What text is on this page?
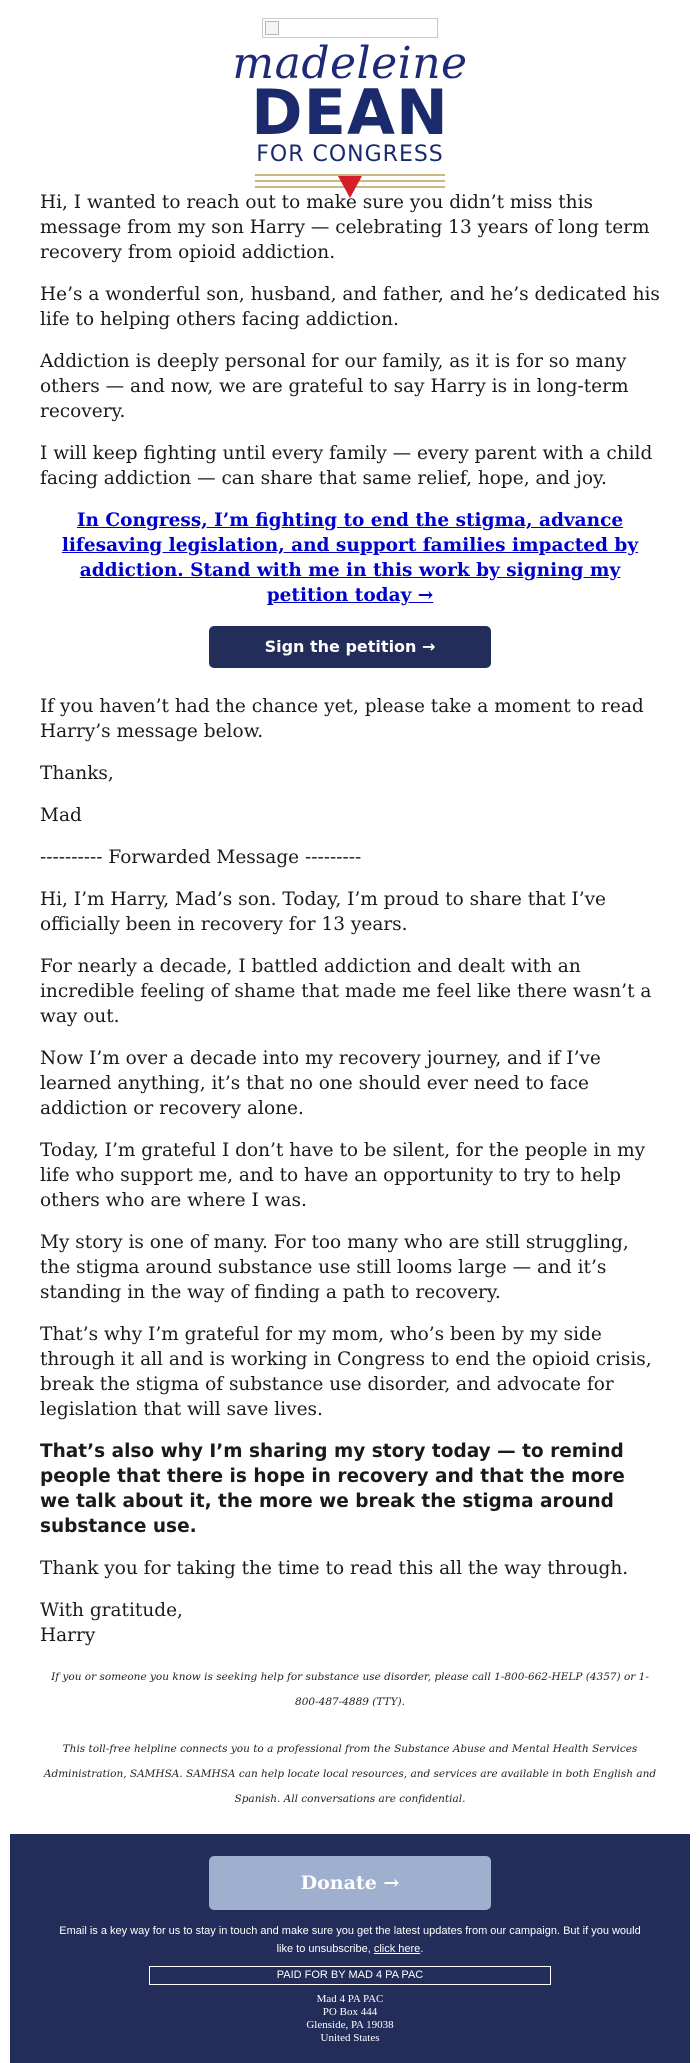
madeleine
DEAN
FOR CONGRESS

Hi, I wanted to reach out to make sure you didn’t miss this message from my son Harry — celebrating 13 years of long term recovery from opioid addiction.

He’s a wonderful son, husband, and father, and he’s dedicated his life to helping others facing addiction.

Addiction is deeply personal for our family, as it is for so many others — and now, we are grateful to say Harry is in long-term recovery.

I will keep fighting until every family — every parent with a child facing addiction — can share that same relief, hope, and joy.

In Congress, I’m fighting to end the stigma, advance lifesaving legislation, and support families impacted by addiction. Stand with me in this work by signing my petition today →
Sign the petition →

If you haven’t had the chance yet, please take a moment to read Harry’s message below.

Thanks,

Mad

---------- Forwarded Message ---------

Hi, I’m Harry, Mad’s son. Today, I’m proud to share that I’ve officially been in recovery for 13 years.

For nearly a decade, I battled addiction and dealt with an incredible feeling of shame that made me feel like there wasn’t a way out.

Now I’m over a decade into my recovery journey, and if I’ve learned anything, it’s that no one should ever need to face addiction or recovery alone.

Today, I’m grateful I don’t have to be silent, for the people in my life who support me, and to have an opportunity to try to help others who are where I was.

My story is one of many. For too many who are still struggling, the stigma around substance use still looms large — and it’s standing in the way of finding a path to recovery.

That’s why I’m grateful for my mom, who’s been by my side through it all and is working in Congress to end the opioid crisis, break the stigma of substance use disorder, and advocate for legislation that will save lives.

That’s also why I’m sharing my story today — to remind people that there is hope in recovery and that the more we talk about it, the more we break the stigma around substance use.

Thank you for taking the time to read this all the way through.

With gratitude,
Harry

If you or someone you know is seeking help for substance use disorder, please call 1-800-662-HELP (4357) or 1-800-487-4889 (TTY).

This toll-free helpline connects you to a professional from the Substance Abuse and Mental Health Services Administration, SAMHSA. SAMHSA can help locate local resources, and services are available in both English and Spanish. All conversations are confidential.

Donate →

Email is a key way for us to stay in touch and make sure you get the latest updates from our campaign. But if you would like to unsubscribe, click here.

PAID FOR BY MAD 4 PA PAC
Mad 4 PA PAC
PO Box 444
Glenside, PA 19038
United States
